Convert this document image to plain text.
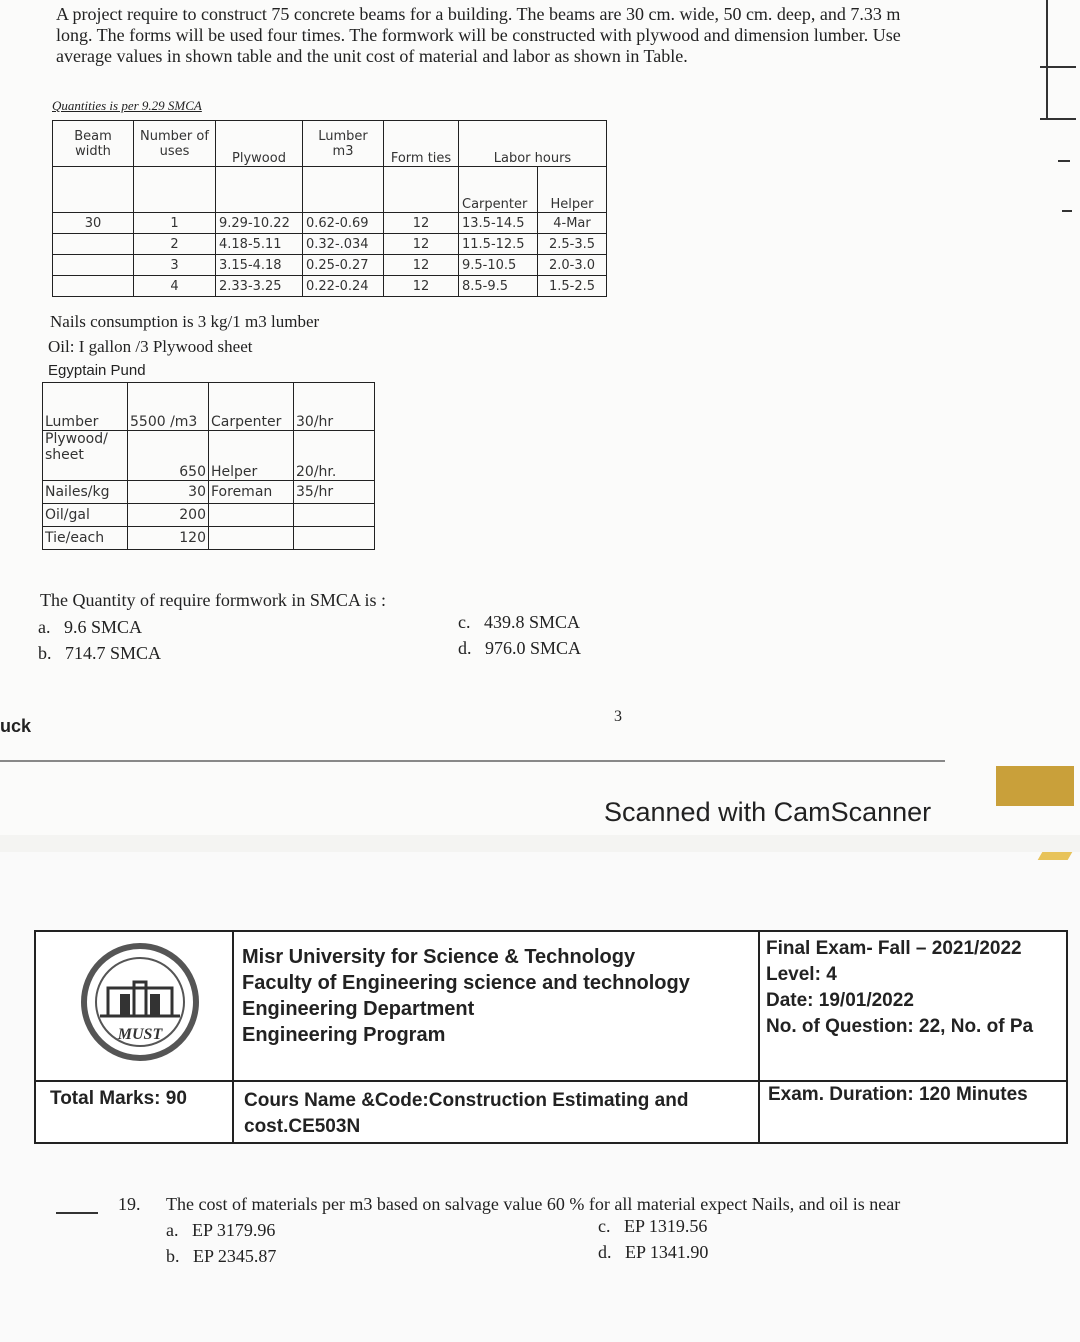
A project require to construct 75 concrete beams for a building. The beams are 30 cm. wide, 50 cm. deep, and 7.33 m long. The forms will be used four times. The formwork will be constructed with plywood and dimension lumber. Use average values in shown table and the unit cost of material and labor as shown in Table.
Quantities is per 9.29 SMCA
Beam width	Number of uses	Plywood	Lumber m3	Form ties	Labor hours	
					Carpenter	Helper
30	1	9.29-10.22	0.62-0.69	12	13.5-14.5	4-Mar
	2	4.18-5.11	0.32-.034	12	11.5-12.5	2.5-3.5
	3	3.15-4.18	0.25-0.27	12	9.5-10.5	2.0-3.0
	4	2.33-3.25	0.22-0.24	12	8.5-9.5	1.5-2.5
Nails consumption is 3 kg/1 m3 lumber
Oil: I gallon /3 Plywood sheet
Egyptain Pund
Lumber	5500 /m3	Carpenter	30/hr
Plywood/ sheet	650	Helper	20/hr.
Nailes/kg	30	Foreman	35/hr
Oil/gal	200		
Tie/each	120		
The Quantity of require formwork in SMCA is :
a. 9.6 SMCA
b. 714.7 SMCA
c. 439.8 SMCA
d. 976.0 SMCA
uck	3
Scanned with CamScanner
MUST
Misr University for Science & Technology
Faculty of Engineering science and technology
Engineering Department
Engineering Program
Final Exam- Fall – 2021/2022
Level: 4
Date: 19/01/2022
No. of Question: 22, No. of Pa
Total Marks: 90	Cours Name &Code:Construction Estimating and cost.CE503N
Exam. Duration: 120 Minutes
19. The cost of materials per m3 based on salvage value 60 % for all material expect Nails, and oil is near
a. EP 3179.96
b. EP 2345.87
c. EP 1319.56
d. EP 1341.90
